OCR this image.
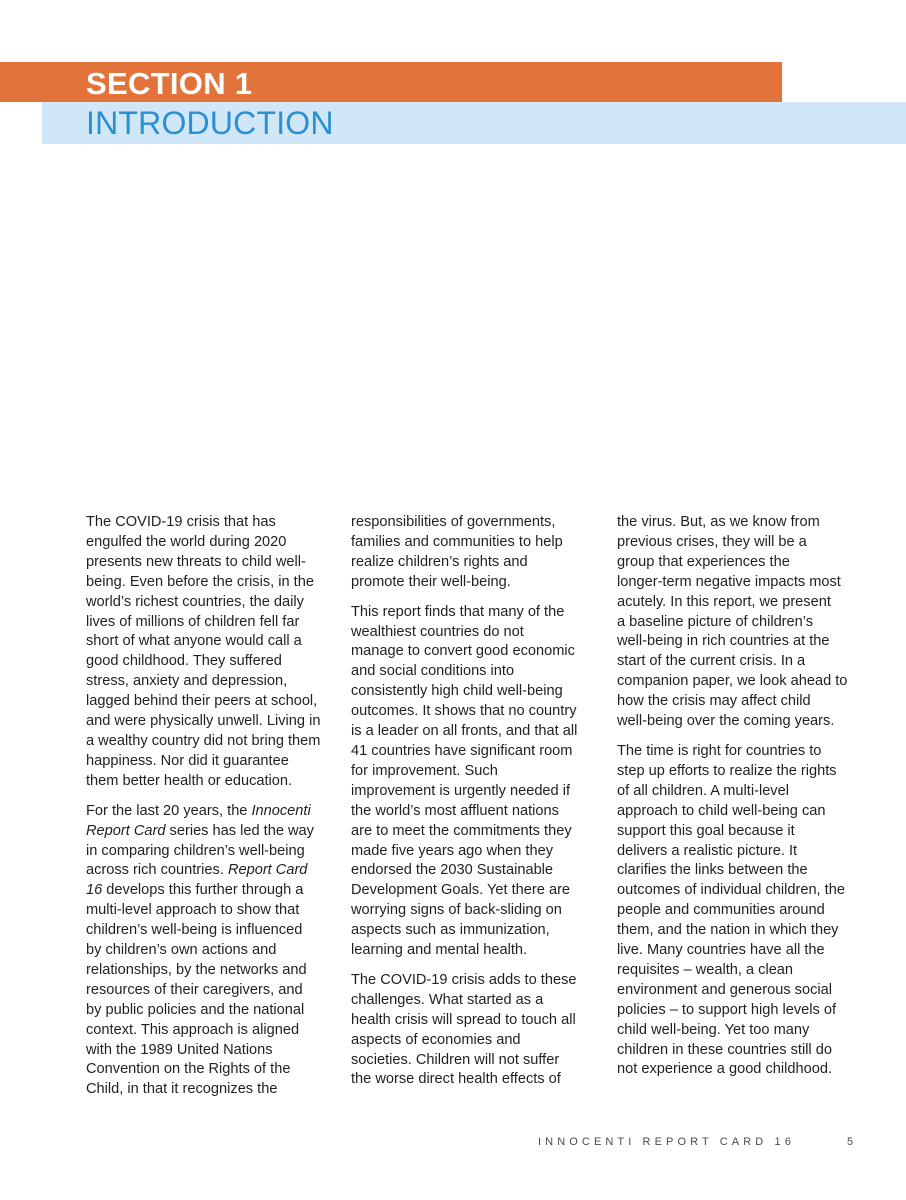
SECTION 1
INTRODUCTION

The COVID-19 crisis that has
engulfed the world during 2020
presents new threats to child well-
being. Even before the crisis, in the
world’s richest countries, the daily
lives of millions of children fell far
short of what anyone would call a
good childhood. They suffered
stress, anxiety and depression,
lagged behind their peers at school,
and were physically unwell. Living in
a wealthy country did not bring them
happiness. Nor did it guarantee
them better health or education.

For the last 20 years, the Innocenti
Report Card series has led the way
in comparing children’s well-being
across rich countries. Report Card
16 develops this further through a
multi-level approach to show that
children’s well-being is influenced
by children’s own actions and
relationships, by the networks and
resources of their caregivers, and
by public policies and the national
context. This approach is aligned
with the 1989 United Nations
Convention on the Rights of the
Child, in that it recognizes the

responsibilities of governments,
families and communities to help
realize children’s rights and
promote their well-being.

This report finds that many of the
wealthiest countries do not
manage to convert good economic
and social conditions into
consistently high child well-being
outcomes. It shows that no country
is a leader on all fronts, and that all
41 countries have significant room
for improvement. Such
improvement is urgently needed if
the world’s most affluent nations
are to meet the commitments they
made five years ago when they
endorsed the 2030 Sustainable
Development Goals. Yet there are
worrying signs of back-sliding on
aspects such as immunization,
learning and mental health.

The COVID-19 crisis adds to these
challenges. What started as a
health crisis will spread to touch all
aspects of economies and
societies. Children will not suffer
the worse direct health effects of

the virus. But, as we know from
previous crises, they will be a
group that experiences the
longer-term negative impacts most
acutely. In this report, we present
a baseline picture of children’s
well-being in rich countries at the
start of the current crisis. In a
companion paper, we look ahead to
how the crisis may affect child
well-being over the coming years.

The time is right for countries to
step up efforts to realize the rights
of all children. A multi-level
approach to child well-being can
support this goal because it
delivers a realistic picture. It
clarifies the links between the
outcomes of individual children, the
people and communities around
them, and the nation in which they
live. Many countries have all the
requisites – wealth, a clean
environment and generous social
policies – to support high levels of
child well-being. Yet too many
children in these countries still do
not experience a good childhood.

INNOCENTI REPORT CARD 16	5
